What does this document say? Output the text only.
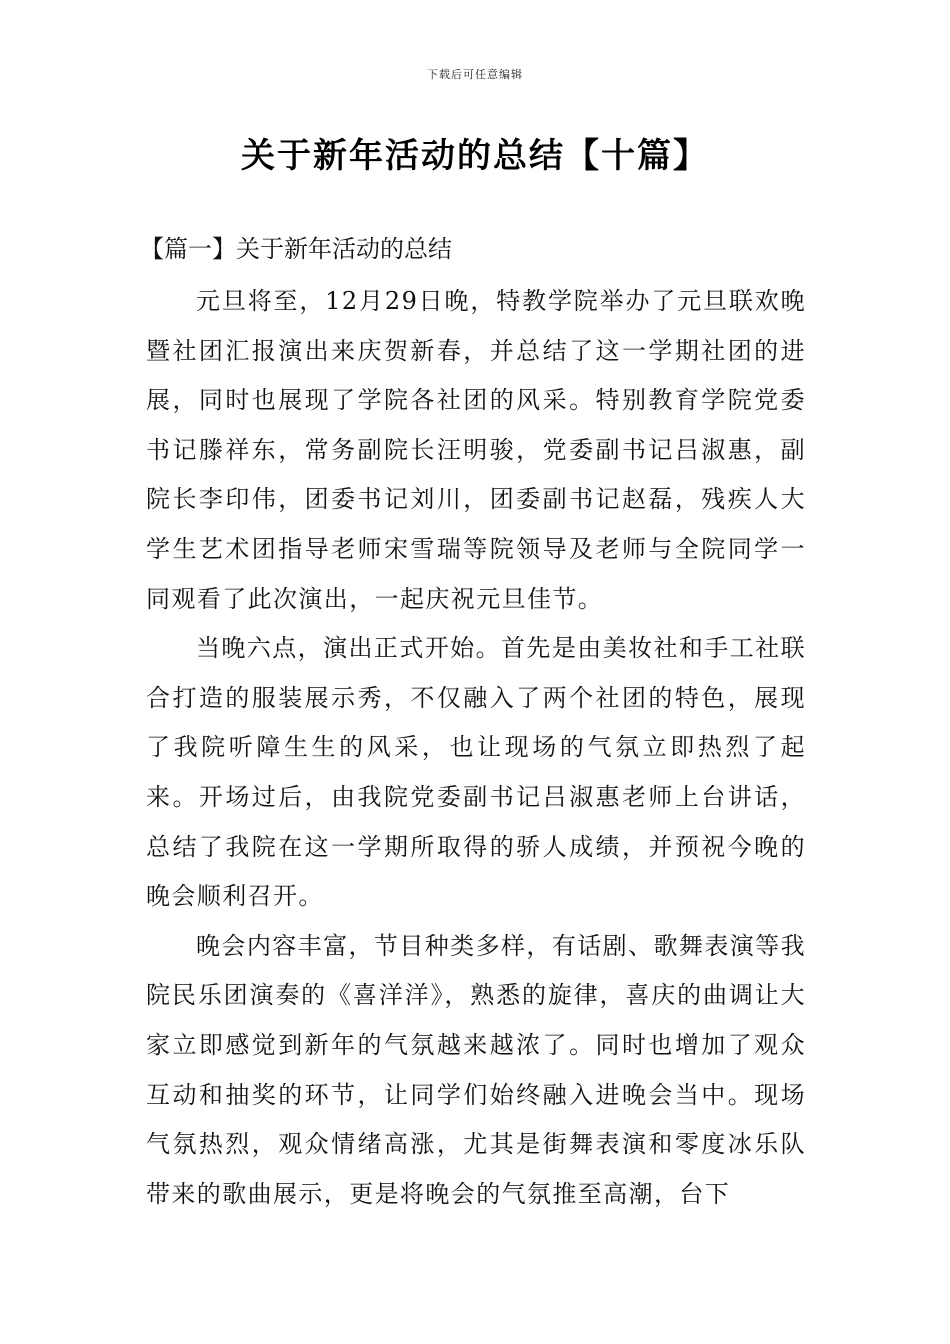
下载后可任意编辑
关于新年活动的总结【十篇】
【篇一】关于新年活动的总结

元旦将至，12月29日晚，特教学院举办了元旦联欢晚暨社团汇报演出来庆贺新春，并总结了这一学期社团的进展，同时也展现了学院各社团的风采。特别教育学院党委书记滕祥东，常务副院长汪明骏，党委副书记吕淑惠，副院长李印伟，团委书记刘川，团委副书记赵磊，残疾人大学生艺术团指导老师宋雪瑞等院领导及老师与全院同学一同观看了此次演出，一起庆祝元旦佳节。

当晚六点，演出正式开始。首先是由美妆社和手工社联合打造的服装展示秀，不仅融入了两个社团的特色，展现了我院听障生生的风采，也让现场的气氛立即热烈了起来。开场过后，由我院党委副书记吕淑惠老师上台讲话，总结了我院在这一学期所取得的骄人成绩，并预祝今晚的晚会顺利召开。

晚会内容丰富，节目种类多样，有话剧、歌舞表演等我院民乐团演奏的《喜洋洋》，熟悉的旋律，喜庆的曲调让大家立即感觉到新年的气氛越来越浓了。同时也增加了观众互动和抽奖的环节，让同学们始终融入进晚会当中。现场气氛热烈，观众情绪高涨，尤其是街舞表演和零度冰乐队带来的歌曲展示，更是将晚会的气氛推至高潮，台下
